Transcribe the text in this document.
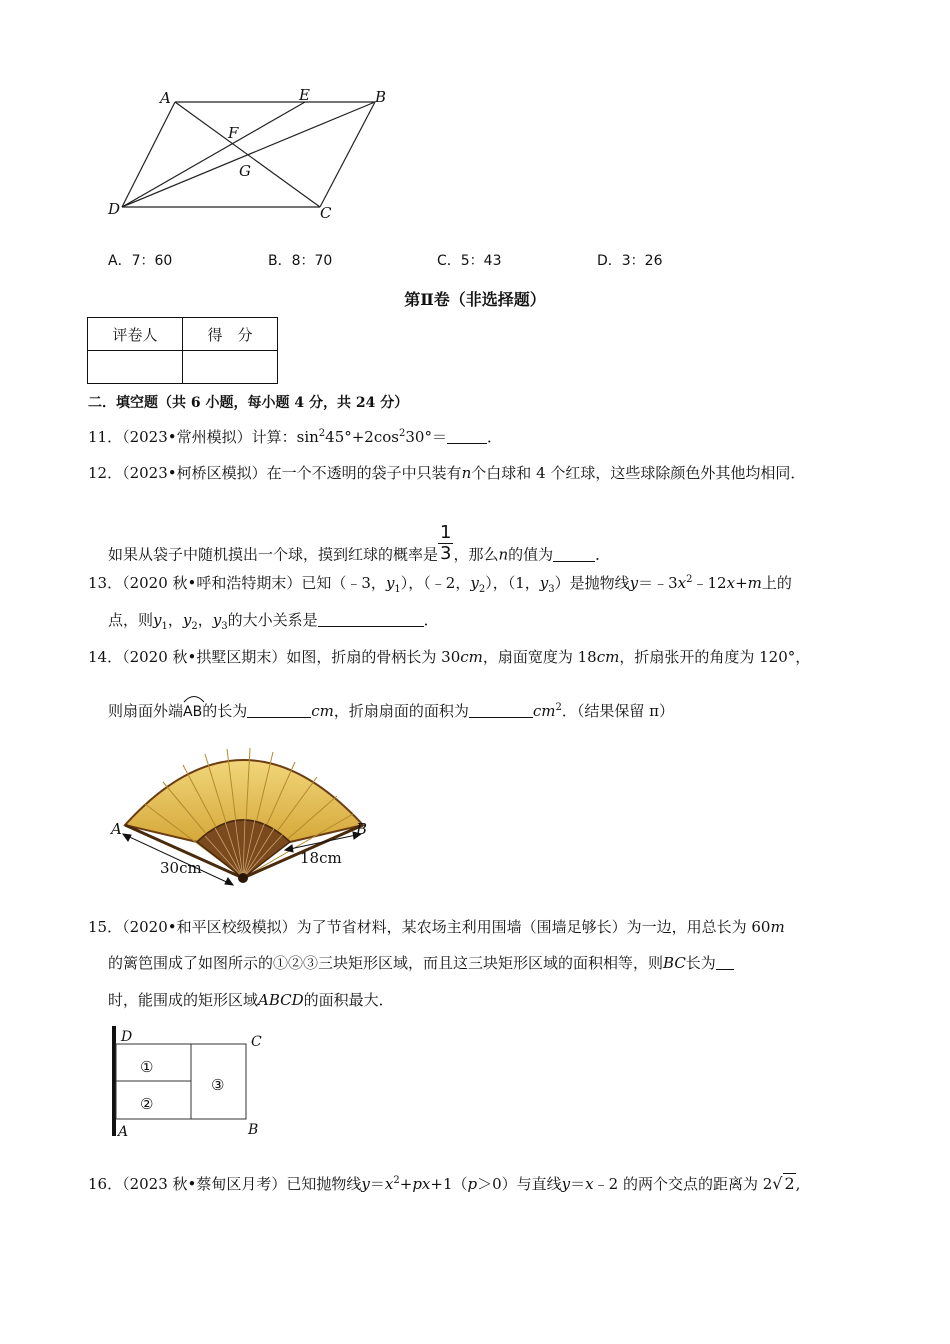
A	E	B
F
G
D	C
A．7：60	B．8：70	C．5：43	D．3：26
第Ⅱ卷（非选择题）
评卷人	得　分

二．填空题（共 6 小题，每小题 4 分，共 24 分）
11．（2023•常州模拟）计算：$\sin^245^\circ+2\cos^230^\circ=$	．
12．（2023•柯桥区模拟）在一个不透明的袋子中只装有n个白球和 4 个红球，这些球除颜色外其他均相同．
如果从袋子中随机摸出一个球，摸到红球的概率是 $\frac{1}{3}$ ，那么n的值为	．
13．（2020 秋•呼和浩特期末）已知（﹣3，$y_1$），（﹣2，$y_2$），（1，$y_3$）是抛物线$y=﹣3x^2﹣12x+m$上的
点，则$y_1$，$y_2$，$y_3$的大小关系是	．
14．（2020 秋•拱墅区期末）如图，折扇的骨柄长为 30cm，扇面宽度为 18cm，折扇张开的角度为 120°，
则扇面外端
AB的长为	cm，折扇扇面的面积为	$cm^2$．（结果保留 π）
A	B
30cm
18cm
15．（2020•和平区校级模拟）为了节省材料，某农场主利用围墙（围墙足够长）为一边，用总长为 60m
的篱笆围成了如图所示的①②③三块矩形区域，而且这三块矩形区域的面积相等，则BC长为
时，能围成的矩形区域ABCD的面积最大．
D	C
A	B
①
②
③
16．（2023 秋•蔡甸区月考）已知抛物线$y=x^2+px+1(p>0)$与直线y＝x﹣2 的两个交点的距离为 2√ 2,
